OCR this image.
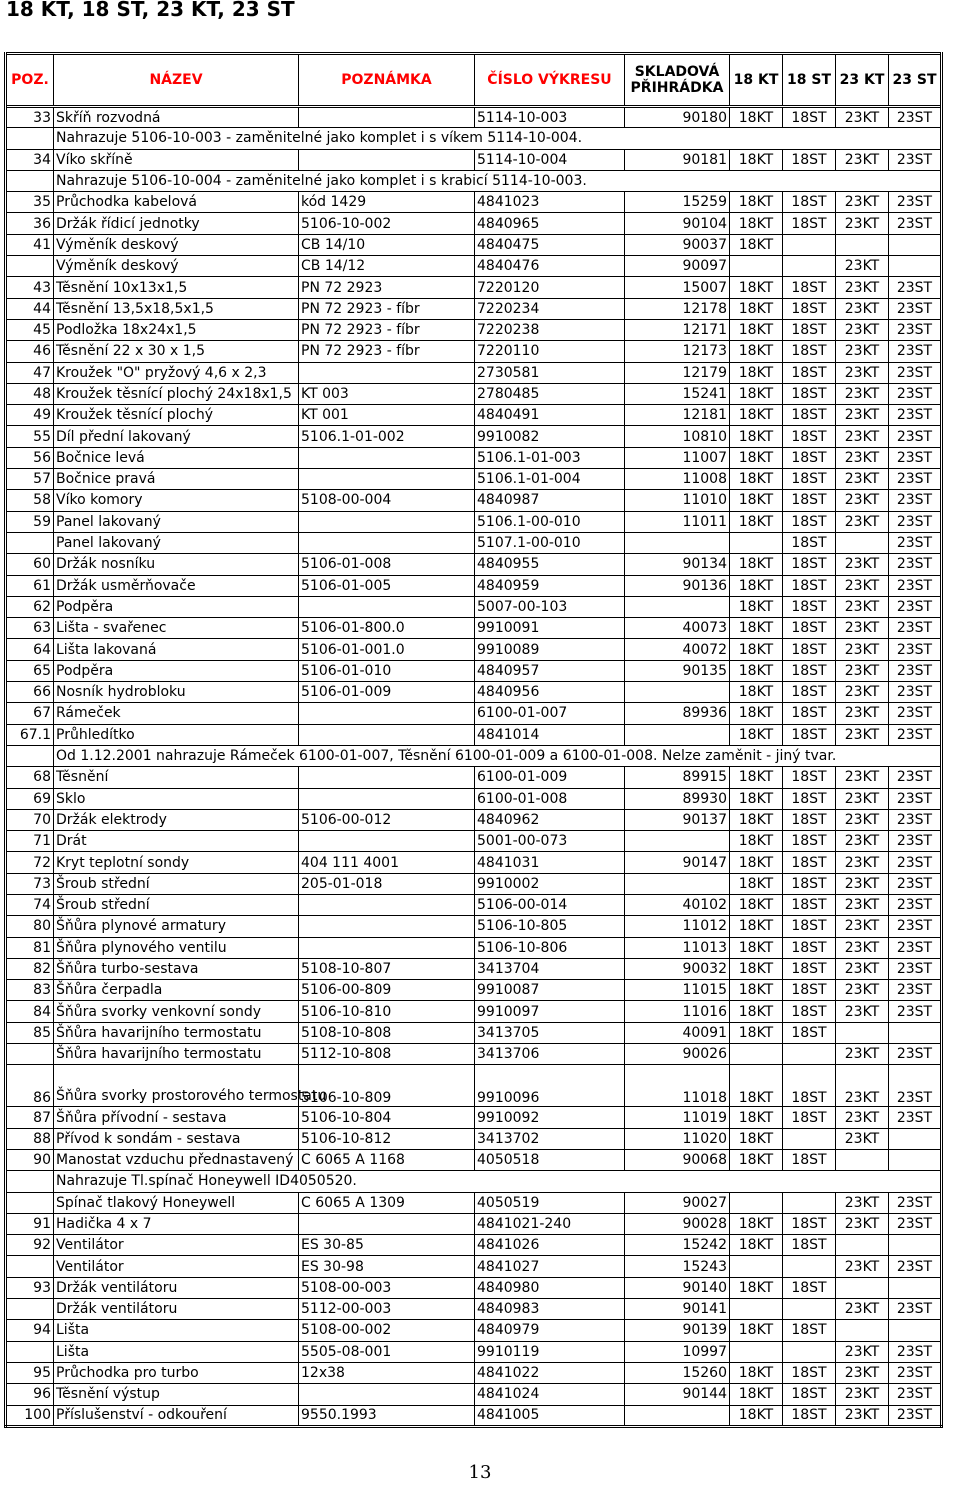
18 KT, 18 ST, 23 KT, 23 ST
POZ.	NÁZEV	POZNÁMKA	ČÍSLO VÝKRESU	SKLADOVÁ PŘIHRÁDKA	18 KT	18 ST	23 KT	23 ST
33	Skříň rozvodná		5114-10-003	90180	18KT	18ST	23KT	23ST
	Nahrazuje 5106-10-003 - zaměnitelné jako komplet i s víkem 5114-10-004.							
34	Víko skříně		5114-10-004	90181	18KT	18ST	23KT	23ST
	Nahrazuje 5106-10-004 - zaměnitelné jako komplet i s krabicí 5114-10-003.							
35	Průchodka kabelová	kód 1429	4841023	15259	18KT	18ST	23KT	23ST
36	Držák řídicí jednotky	5106-10-002	4840965	90104	18KT	18ST	23KT	23ST
41	Výměník deskový	CB 14/10	4840475	90037	18KT			
	Výměník deskový	CB 14/12	4840476	90097			23KT	
43	Těsnění 10x13x1,5	PN 72 2923	7220120	15007	18KT	18ST	23KT	23ST
44	Těsnění 13,5x18,5x1,5	PN 72 2923 - fíbr	7220234	12178	18KT	18ST	23KT	23ST
45	Podložka 18x24x1,5	PN 72 2923 - fíbr	7220238	12171	18KT	18ST	23KT	23ST
46	Těsnění 22 x 30 x 1,5	PN 72 2923 - fíbr	7220110	12173	18KT	18ST	23KT	23ST
47	Kroužek "O" pryžový 4,6 x 2,3		2730581	12179	18KT	18ST	23KT	23ST
48	Kroužek těsnící plochý 24x18x1,5	KT 003	2780485	15241	18KT	18ST	23KT	23ST
49	Kroužek těsnící plochý	KT 001	4840491	12181	18KT	18ST	23KT	23ST
55	Díl přední lakovaný	5106.1-01-002	9910082	10810	18KT	18ST	23KT	23ST
56	Bočnice levá		5106.1-01-003	11007	18KT	18ST	23KT	23ST
57	Bočnice pravá		5106.1-01-004	11008	18KT	18ST	23KT	23ST
58	Víko komory	5108-00-004	4840987	11010	18KT	18ST	23KT	23ST
59	Panel lakovaný		5106.1-00-010	11011	18KT	18ST	23KT	23ST
	Panel lakovaný		5107.1-00-010			18ST		23ST
60	Držák nosníku	5106-01-008	4840955	90134	18KT	18ST	23KT	23ST
61	Držák usměrňovače	5106-01-005	4840959	90136	18KT	18ST	23KT	23ST
62	Podpěra		5007-00-103		18KT	18ST	23KT	23ST
63	Lišta - svařenec	5106-01-800.0	9910091	40073	18KT	18ST	23KT	23ST
64	Lišta lakovaná	5106-01-001.0	9910089	40072	18KT	18ST	23KT	23ST
65	Podpěra	5106-01-010	4840957	90135	18KT	18ST	23KT	23ST
66	Nosník hydrobloku	5106-01-009	4840956		18KT	18ST	23KT	23ST
67	Rámeček		6100-01-007	89936	18KT	18ST	23KT	23ST
67.1	Průhledítko		4841014		18KT	18ST	23KT	23ST
	Od 1.12.2001 nahrazuje Rámeček 6100-01-007, Těsnění 6100-01-009 a 6100-01-008. Nelze zaměnit - jiný tvar.							
68	Těsnění		6100-01-009	89915	18KT	18ST	23KT	23ST
69	Sklo		6100-01-008	89930	18KT	18ST	23KT	23ST
70	Držák elektrody	5106-00-012	4840962	90137	18KT	18ST	23KT	23ST
71	Drát		5001-00-073		18KT	18ST	23KT	23ST
72	Kryt teplotní sondy	404 111 4001	4841031	90147	18KT	18ST	23KT	23ST
73	Šroub střední	205-01-018	9910002		18KT	18ST	23KT	23ST
74	Šroub střední		5106-00-014	40102	18KT	18ST	23KT	23ST
80	Šňůra plynové armatury		5106-10-805	11012	18KT	18ST	23KT	23ST
81	Šňůra plynového ventilu		5106-10-806	11013	18KT	18ST	23KT	23ST
82	Šňůra turbo-sestava	5108-10-807	3413704	90032	18KT	18ST	23KT	23ST
83	Šňůra čerpadla	5106-00-809	9910087	11015	18KT	18ST	23KT	23ST
84	Šňůra svorky venkovní sondy	5106-10-810	9910097	11016	18KT	18ST	23KT	23ST
85	Šňůra havarijního termostatu	5108-10-808	3413705	40091	18KT	18ST		
	Šňůra havarijního termostatu	5112-10-808	3413706	90026			23KT	23ST
86	Šňůra svorky prostorového termostatu	5106-10-809	9910096	11018	18KT	18ST	23KT	23ST
87	Šňůra přívodní - sestava	5106-10-804	9910092	11019	18KT	18ST	23KT	23ST
88	Přívod k sondám - sestava	5106-10-812	3413702	11020	18KT		23KT	
90	Manostat vzduchu přednastavený	C 6065 A 1168	4050518	90068	18KT	18ST		
	Nahrazuje Tl.spínač Honeywell ID4050520.							
	Spínač tlakový Honeywell	C 6065 A 1309	4050519	90027			23KT	23ST
91	Hadička 4 x 7		4841021-240	90028	18KT	18ST	23KT	23ST
92	Ventilátor	ES 30-85	4841026	15242	18KT	18ST		
	Ventilátor	ES 30-98	4841027	15243			23KT	23ST
93	Držák ventilátoru	5108-00-003	4840980	90140	18KT	18ST		
	Držák ventilátoru	5112-00-003	4840983	90141			23KT	23ST
94	Lišta	5108-00-002	4840979	90139	18KT	18ST		
	Lišta	5505-08-001	9910119	10997			23KT	23ST
95	Průchodka pro turbo	12x38	4841022	15260	18KT	18ST	23KT	23ST
96	Těsnění výstup		4841024	90144	18KT	18ST	23KT	23ST
100	Příslušenství - odkouření	9550.1993	4841005		18KT	18ST	23KT	23ST
13
